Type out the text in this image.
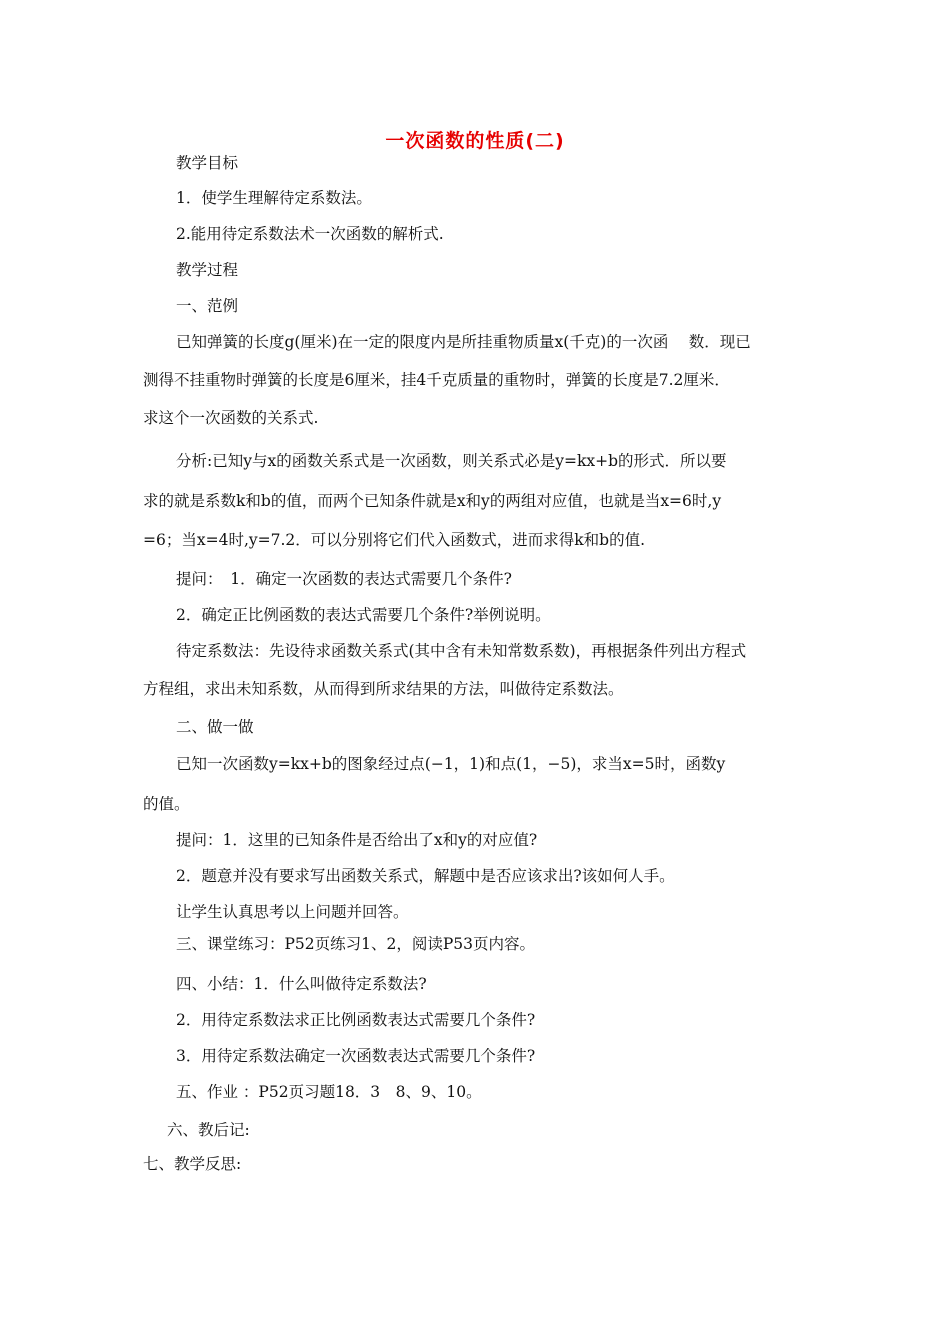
一次函数的性质(二)
教学目标
1．使学生理解待定系数法。
2.能用待定系数法术一次函数的解析式.
教学过程
一、范例
已知弹簧的长度g(厘米)在一定的限度内是所挂重物质量x(千克)的一次函　 数．现已
测得不挂重物时弹簧的长度是6厘米，挂4千克质量的重物时，弹簧的长度是7.2厘米．
求这个一次函数的关系式.
分析:已知y与x的函数关系式是一次函数，则关系式必是y=kx+b的形式．所以要
求的就是系数k和b的值，而两个已知条件就是x和y的两组对应值，也就是当x=6时,y
=6；当x=4时,y=7.2．可以分别将它们代入函数式，进而求得k和b的值.
提问：　1．确定一次函数的表达式需要几个条件?
2．确定正比例函数的表达式需要几个条件?举例说明。
待定系数法：先设待求函数关系式(其中含有未知常数系数)，再根据条件列出方程式
方程组，求出未知系数，从而得到所求结果的方法，叫做待定系数法。
二、做一做
已知一次函数y=kx+b的图象经过点(−1，1)和点(1，−5)，求当x=5时，函数y
的值。
提问：1．这里的已知条件是否给出了x和y的对应值?
2．题意并没有要求写出函数关系式，解题中是否应该求出?该如何人手。
让学生认真思考以上问题并回答。
三、课堂练习：P52页练习1、2，阅读P53页内容。
四、小结：1．什么叫做待定系数法?
2．用待定系数法求正比例函数表达式需要几个条件?
3．用待定系数法确定一次函数表达式需要几个条件?
五、作业 ：P52页习题18．3　8、9、10。
六、教后记:
七、教学反思:
